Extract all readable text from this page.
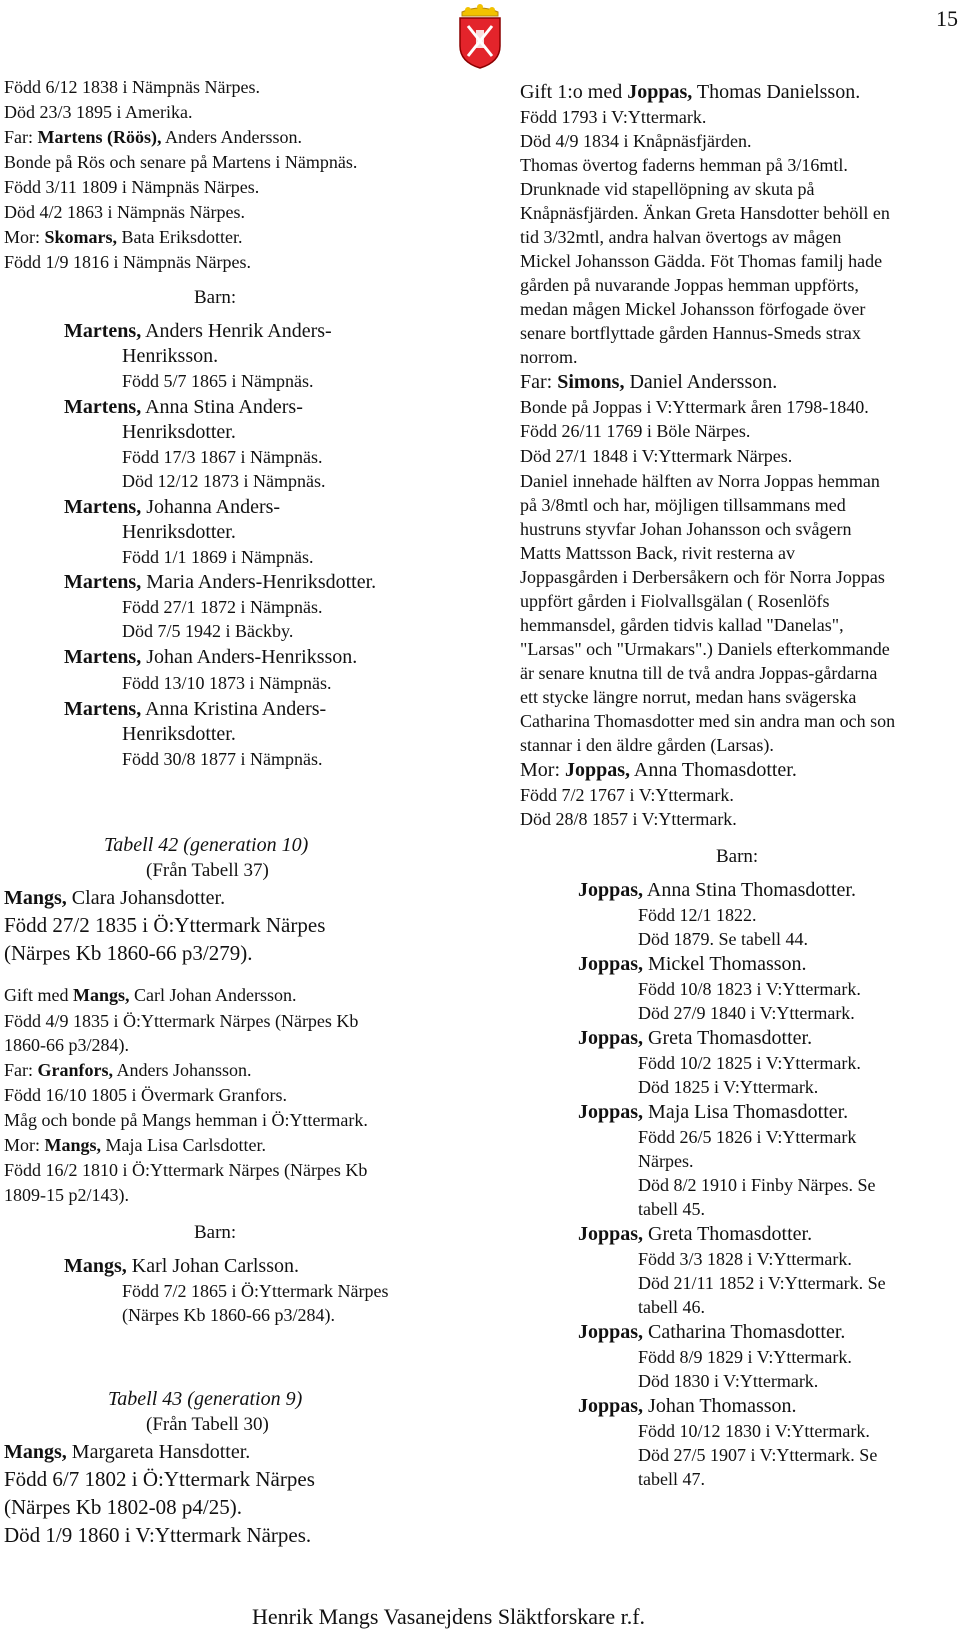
15
Född 6/12 1838 i Nämpnäs Närpes.
Död 23/3 1895 i Amerika.
Far: Martens (Röös), Anders Andersson.
Bonde på Rös och senare på Martens i Nämpnäs.
Född 3/11 1809 i Nämpnäs Närpes.
Död 4/2 1863 i Nämpnäs Närpes.
Mor: Skomars, Bata Eriksdotter.
Född 1/9 1816 i Nämpnäs Närpes.
Barn:
Martens, Anders Henrik Anders-
Henriksson.
Född 5/7 1865 i Nämpnäs.
Martens, Anna Stina Anders-
Henriksdotter.
Född 17/3 1867 i Nämpnäs.
Död 12/12 1873 i Nämpnäs.
Martens, Johanna Anders-
Henriksdotter.
Född 1/1 1869 i Nämpnäs.
Martens, Maria Anders-Henriksdotter.
Född 27/1 1872 i Nämpnäs.
Död 7/5 1942 i Bäckby.
Martens, Johan Anders-Henriksson.
Född 13/10 1873 i Nämpnäs.
Martens, Anna Kristina Anders-
Henriksdotter.
Född 30/8 1877 i Nämpnäs.
Tabell 42 (generation 10)
(Från Tabell 37)
Mangs, Clara Johansdotter.
Född 27/2 1835 i Ö:Yttermark Närpes
(Närpes Kb 1860-66 p3/279).
Gift med Mangs, Carl Johan Andersson.
Född 4/9 1835 i Ö:Yttermark Närpes (Närpes Kb
1860-66 p3/284).
Far: Granfors, Anders Johansson.
Född 16/10 1805 i Övermark Granfors.
Måg och bonde på Mangs hemman i Ö:Yttermark.
Mor: Mangs, Maja Lisa Carlsdotter.
Född 16/2 1810 i Ö:Yttermark Närpes (Närpes Kb
1809-15 p2/143).
Barn:
Mangs, Karl Johan Carlsson.
Född 7/2 1865 i Ö:Yttermark Närpes
(Närpes Kb 1860-66 p3/284).
Tabell 43 (generation 9)
(Från Tabell 30)
Mangs, Margareta Hansdotter.
Född 6/7 1802 i Ö:Yttermark Närpes
(Närpes Kb 1802-08 p4/25).
Död 1/9 1860 i V:Yttermark Närpes.
Gift 1:o med Joppas, Thomas Danielsson.
Född 1793 i V:Yttermark.
Död 4/9 1834 i Knåpnäsfjärden.
Thomas övertog faderns hemman på 3/16mtl.
Drunknade vid stapellöpning av skuta på
Knåpnäsfjärden. Änkan Greta Hansdotter behöll en
tid 3/32mtl, andra halvan övertogs av mågen
Mickel Johansson Gädda. Föt Thomas familj hade
gården på nuvarande Joppas hemman uppförts,
medan mågen Mickel Johansson förfogade över
senare bortflyttade gården Hannus-Smeds strax
norrom.
Far: Simons, Daniel Andersson.
Bonde på Joppas i V:Yttermark åren 1798-1840.
Född 26/11 1769 i Böle Närpes.
Död 27/1 1848 i V:Yttermark Närpes.
Daniel innehade hälften av Norra Joppas hemman
på 3/8mtl och har, möjligen tillsammans med
hustruns styvfar Johan Johansson och svågern
Matts Mattsson Back, rivit resterna av
Joppasgården i Derbersåkern och för Norra Joppas
uppfört gården i Fiolvallsgälan ( Rosenlöfs
hemmansdel, gården tidvis kallad "Danelas",
"Larsas" och "Urmakars".) Daniels efterkommande
är senare knutna till de två andra Joppas-gårdarna
ett stycke längre norrut, medan hans svägerska
Catharina Thomasdotter med sin andra man och son
stannar i den äldre gården (Larsas).
Mor: Joppas, Anna Thomasdotter.
Född 7/2 1767 i V:Yttermark.
Död 28/8 1857 i V:Yttermark.
Barn:
Joppas, Anna Stina Thomasdotter.
Född 12/1 1822.
Död 1879. Se tabell 44.
Joppas, Mickel Thomasson.
Född 10/8 1823 i V:Yttermark.
Död 27/9 1840 i V:Yttermark.
Joppas, Greta Thomasdotter.
Född 10/2 1825 i V:Yttermark.
Död 1825 i V:Yttermark.
Joppas, Maja Lisa Thomasdotter.
Född 26/5 1826 i V:Yttermark
Närpes.
Död 8/2 1910 i Finby Närpes. Se
tabell 45.
Joppas, Greta Thomasdotter.
Född 3/3 1828 i V:Yttermark.
Död 21/11 1852 i V:Yttermark. Se
tabell 46.
Joppas, Catharina Thomasdotter.
Född 8/9 1829 i V:Yttermark.
Död 1830 i V:Yttermark.
Joppas, Johan Thomasson.
Född 10/12 1830 i V:Yttermark.
Död 27/5 1907 i V:Yttermark. Se
tabell 47.
Henrik Mangs Vasanejdens Släktforskare r.f.
